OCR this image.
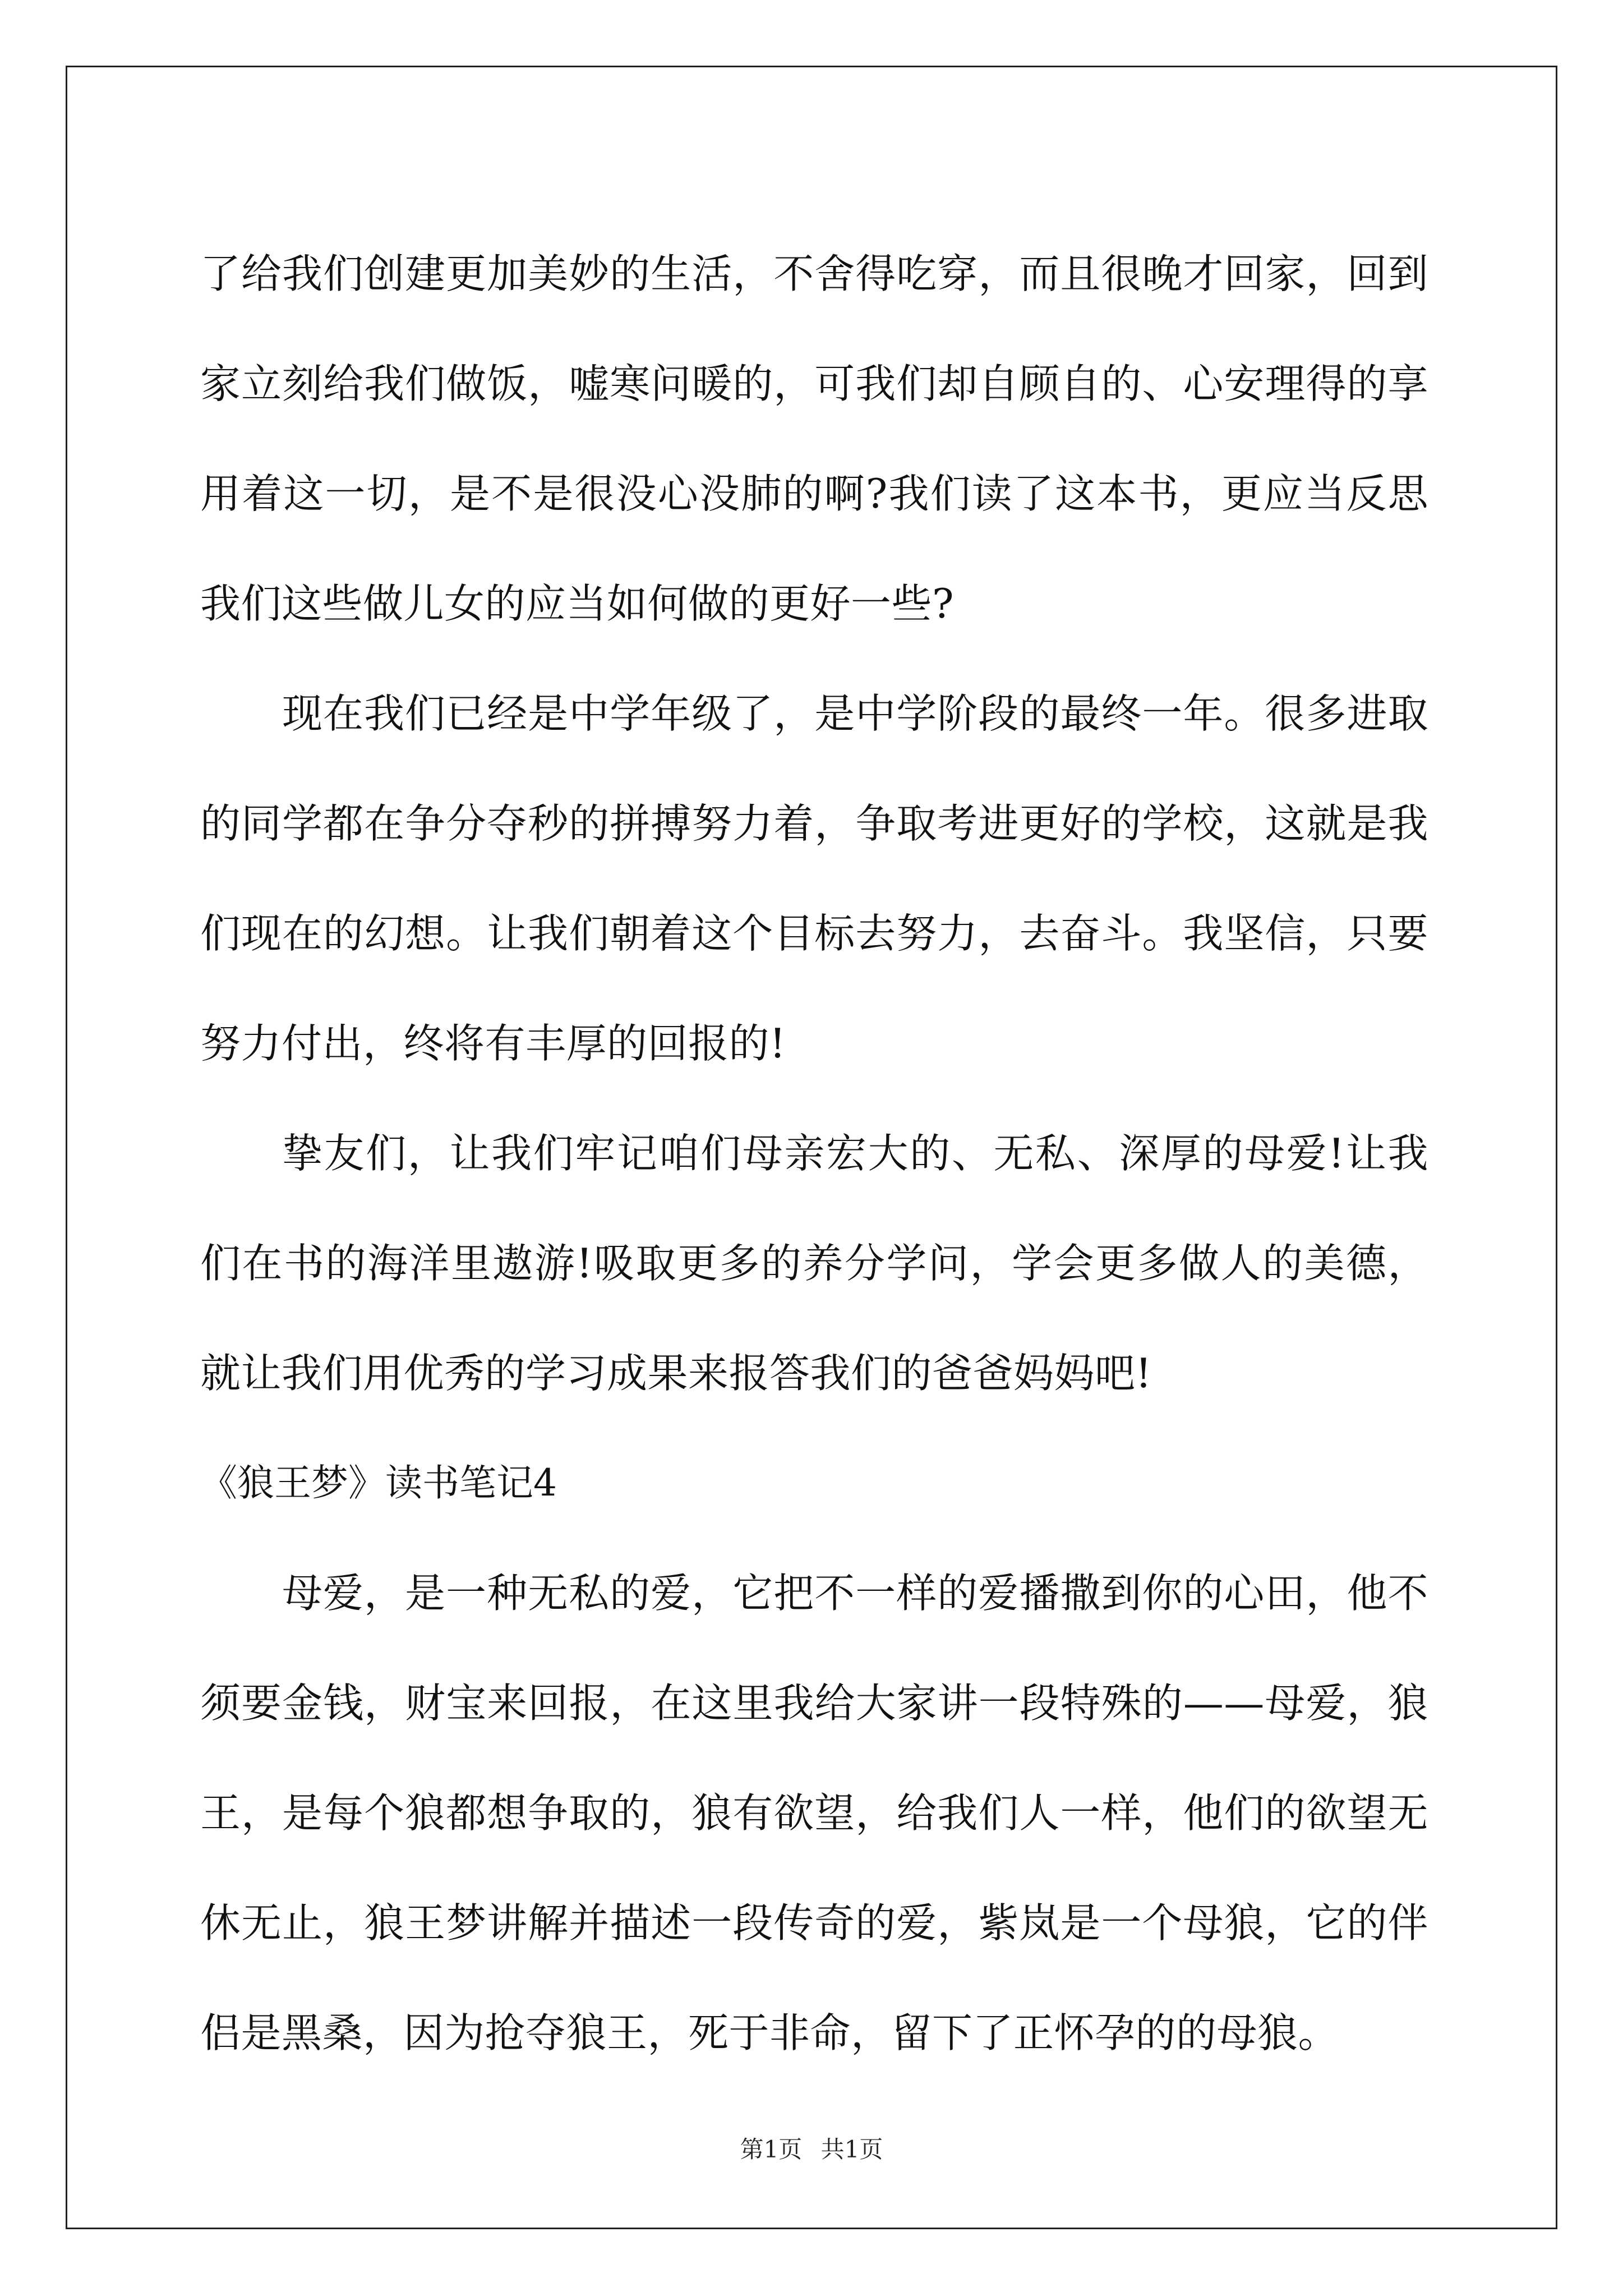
了给我们创建更加美妙的生活，不舍得吃穿，而且很晚才回家，回到家立刻给我们做饭，嘘寒问暖的，可我们却自顾自的、心安理得的享用着这一切，是不是很没心没肺的啊?我们读了这本书，更应当反思我们这些做儿女的应当如何做的更好一些?

现在我们已经是中学年级了，是中学阶段的最终一年。很多进取的同学都在争分夺秒的拼搏努力着，争取考进更好的学校，这就是我们现在的幻想。让我们朝着这个目标去努力，去奋斗。我坚信，只要努力付出，终将有丰厚的回报的!

挚友们，让我们牢记咱们母亲宏大的、无私、深厚的母爱!让我们在书的海洋里遨游!吸取更多的养分学问，学会更多做人的美德，就让我们用优秀的学习成果来报答我们的爸爸妈妈吧!

《狼王梦》读书笔记4

母爱，是一种无私的爱，它把不一样的爱播撒到你的心田，他不须要金钱，财宝来回报，在这里我给大家讲一段特殊的——母爱，狼王，是每个狼都想争取的，狼有欲望，给我们人一样，他们的欲望无休无止，狼王梦讲解并描述一段传奇的爱，紫岚是一个母狼，它的伴侣是黑桑，因为抢夺狼王，死于非命，留下了正怀孕的的母狼。

第1页 共1页
